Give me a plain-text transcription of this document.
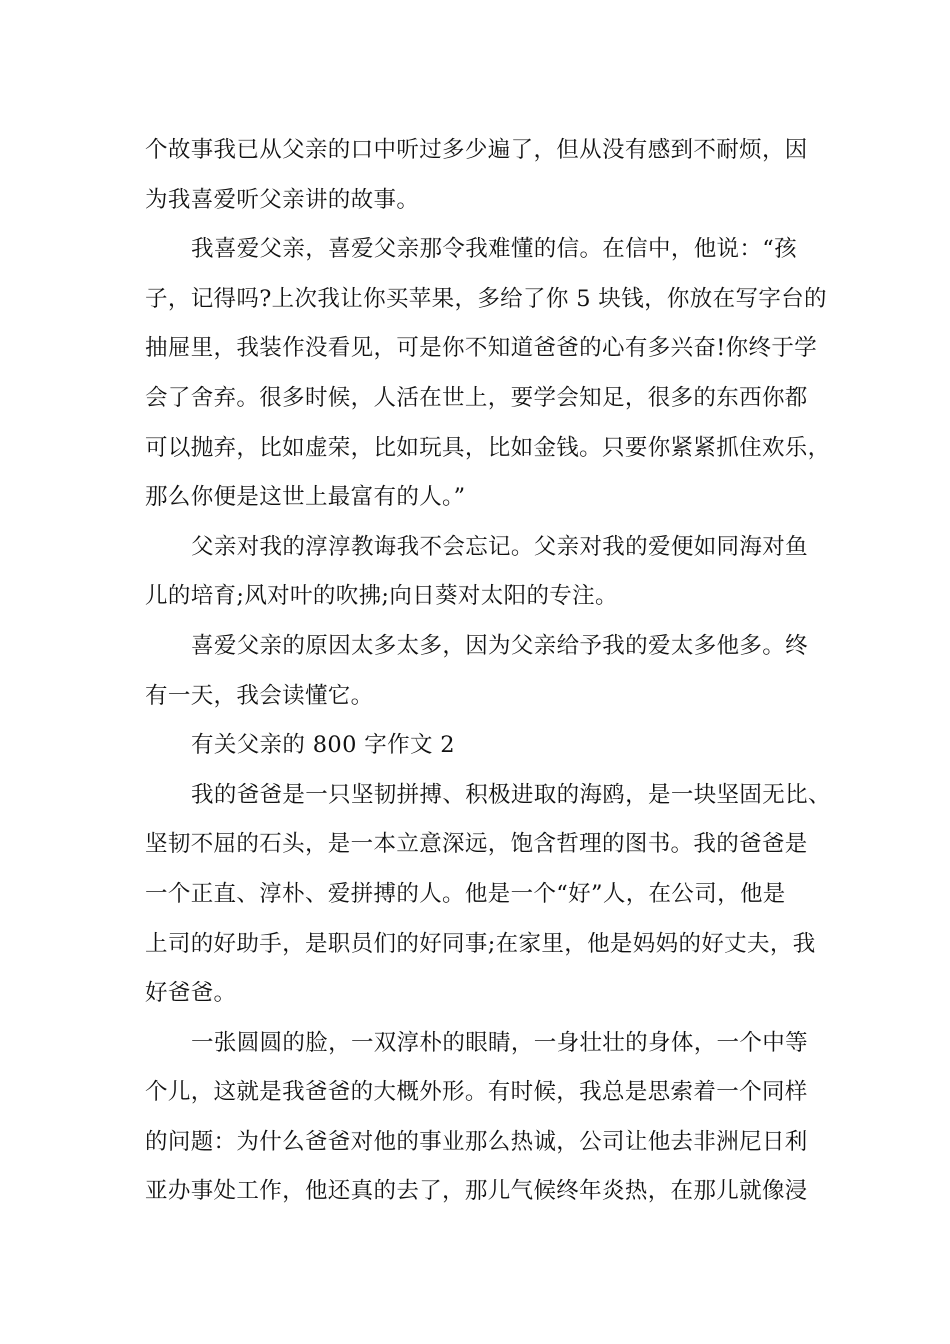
个故事我已从父亲的口中听过多少遍了，但从没有感到不耐烦，因
为我喜爱听父亲讲的故事。
我喜爱父亲，喜爱父亲那令我难懂的信。在信中，他说：“孩
子，记得吗?上次我让你买苹果，多给了你 5 块钱，你放在写字台的
抽屉里，我装作没看见，可是你不知道爸爸的心有多兴奋!你终于学
会了舍弃。很多时候，人活在世上，要学会知足，很多的东西你都
可以抛弃，比如虚荣，比如玩具，比如金钱。只要你紧紧抓住欢乐，
那么你便是这世上最富有的人。”
父亲对我的淳淳教诲我不会忘记。父亲对我的爱便如同海对鱼
儿的培育;风对叶的吹拂;向日葵对太阳的专注。
喜爱父亲的原因太多太多，因为父亲给予我的爱太多他多。终
有一天，我会读懂它。
有关父亲的 800 字作文 2
我的爸爸是一只坚韧拼搏、积极进取的海鸥，是一块坚固无比、
坚韧不屈的石头，是一本立意深远，饱含哲理的图书。我的爸爸是
一个正直、淳朴、爱拼搏的人。他是一个“好”人，在公司，他是
上司的好助手，是职员们的好同事;在家里，他是妈妈的好丈夫，我
好爸爸。
一张圆圆的脸，一双淳朴的眼睛，一身壮壮的身体，一个中等
个儿，这就是我爸爸的大概外形。有时候，我总是思索着一个同样
的问题：为什么爸爸对他的事业那么热诚，公司让他去非洲尼日利
亚办事处工作，他还真的去了，那儿气候终年炎热，在那儿就像浸
